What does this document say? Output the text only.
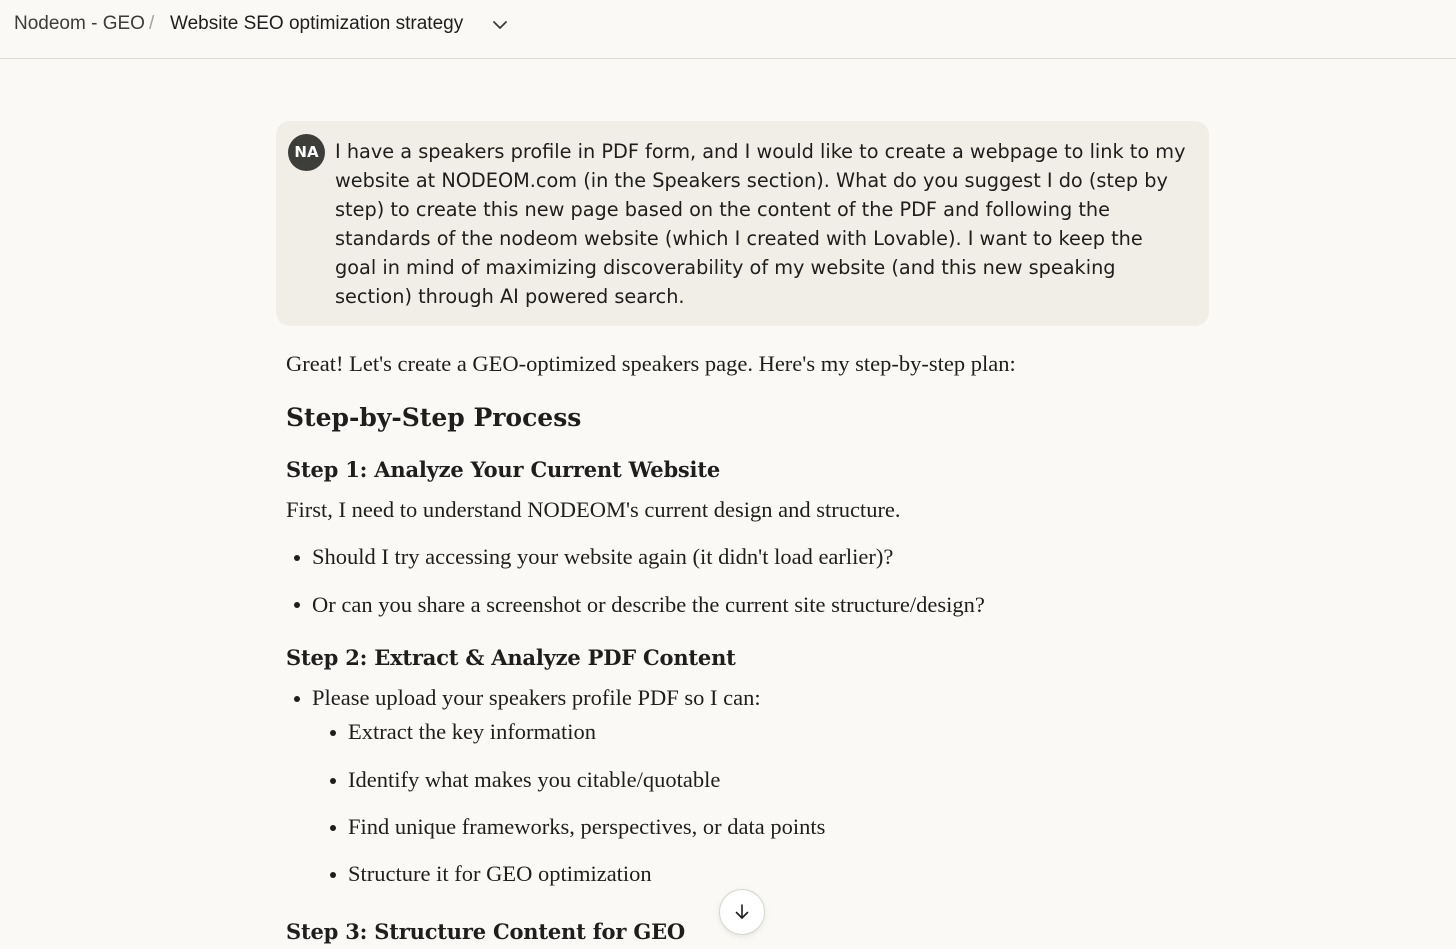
Nodeom - GEO / Website SEO optimization strategy
NA I have a speakers profile in PDF form, and I would like to create a webpage to link to my website at NODEOM.com (in the Speakers section). What do you suggest I do (step by step) to create this new page based on the content of the PDF and following the standards of the nodeom website (which I created with Lovable). I want to keep the goal in mind of maximizing discoverability of my website (and this new speaking section) through AI powered search.

Great! Let's create a GEO-optimized speakers page. Here's my step-by-step plan:

Step-by-Step Process
Step 1: Analyze Your Current Website

First, I need to understand NODEOM's current design and structure.

Should I try accessing your website again (it didn't load earlier)?
Or can you share a screenshot or describe the current site structure/design?
Step 2: Extract & Analyze PDF Content
Please upload your speakers profile PDF so I can:
Extract the key information
Identify what makes you citable/quotable
Find unique frameworks, perspectives, or data points
Structure it for GEO optimization
Step 3: Structure Content for GEO
